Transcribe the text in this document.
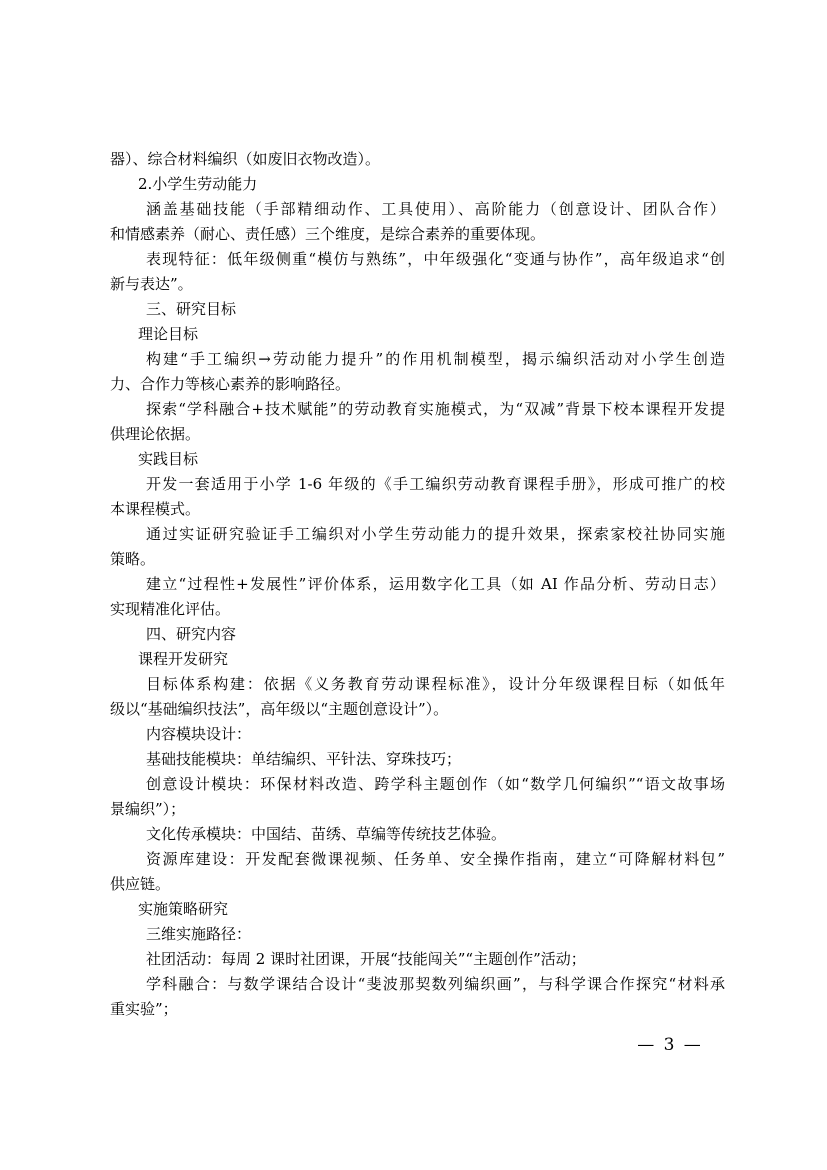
器）、综合材料编织（如废旧衣物改造）。
2.小学生劳动能力
涵盖基础技能（手部精细动作、工具使用）、高阶能力（创意设计、团队合作）
和情感素养（耐心、责任感）三个维度，是综合素养的重要体现。
表现特征：低年级侧重“模仿与熟练”，中年级强化“变通与协作”，高年级追求“创
新与表达”。
三、研究目标
理论目标
构建“手工编织→劳动能力提升”的作用机制模型，揭示编织活动对小学生创造
力、合作力等核心素养的影响路径。
探索“学科融合+技术赋能”的劳动教育实施模式，为“双减”背景下校本课程开发提
供理论依据。
实践目标
开发一套适用于小学 1-6 年级的《手工编织劳动教育课程手册》，形成可推广的校
本课程模式。
通过实证研究验证手工编织对小学生劳动能力的提升效果，探索家校社协同实施
策略。
建立“过程性+发展性”评价体系，运用数字化工具（如 AI 作品分析、劳动日志）
实现精准化评估。
四、研究内容
课程开发研究
目标体系构建：依据《义务教育劳动课程标准》，设计分年级课程目标（如低年
级以“基础编织技法”，高年级以“主题创意设计”）。
内容模块设计：
基础技能模块：单结编织、平针法、穿珠技巧；
创意设计模块：环保材料改造、跨学科主题创作（如“数学几何编织”“语文故事场
景编织”）；
文化传承模块：中国结、苗绣、草编等传统技艺体验。
资源库建设：开发配套微课视频、任务单、安全操作指南，建立“可降解材料包”
供应链。
实施策略研究
三维实施路径：
社团活动：每周 2 课时社团课，开展“技能闯关”“主题创作”活动；
学科融合：与数学课结合设计“斐波那契数列编织画”，与科学课合作探究“材料承
重实验”；
— 3 —
